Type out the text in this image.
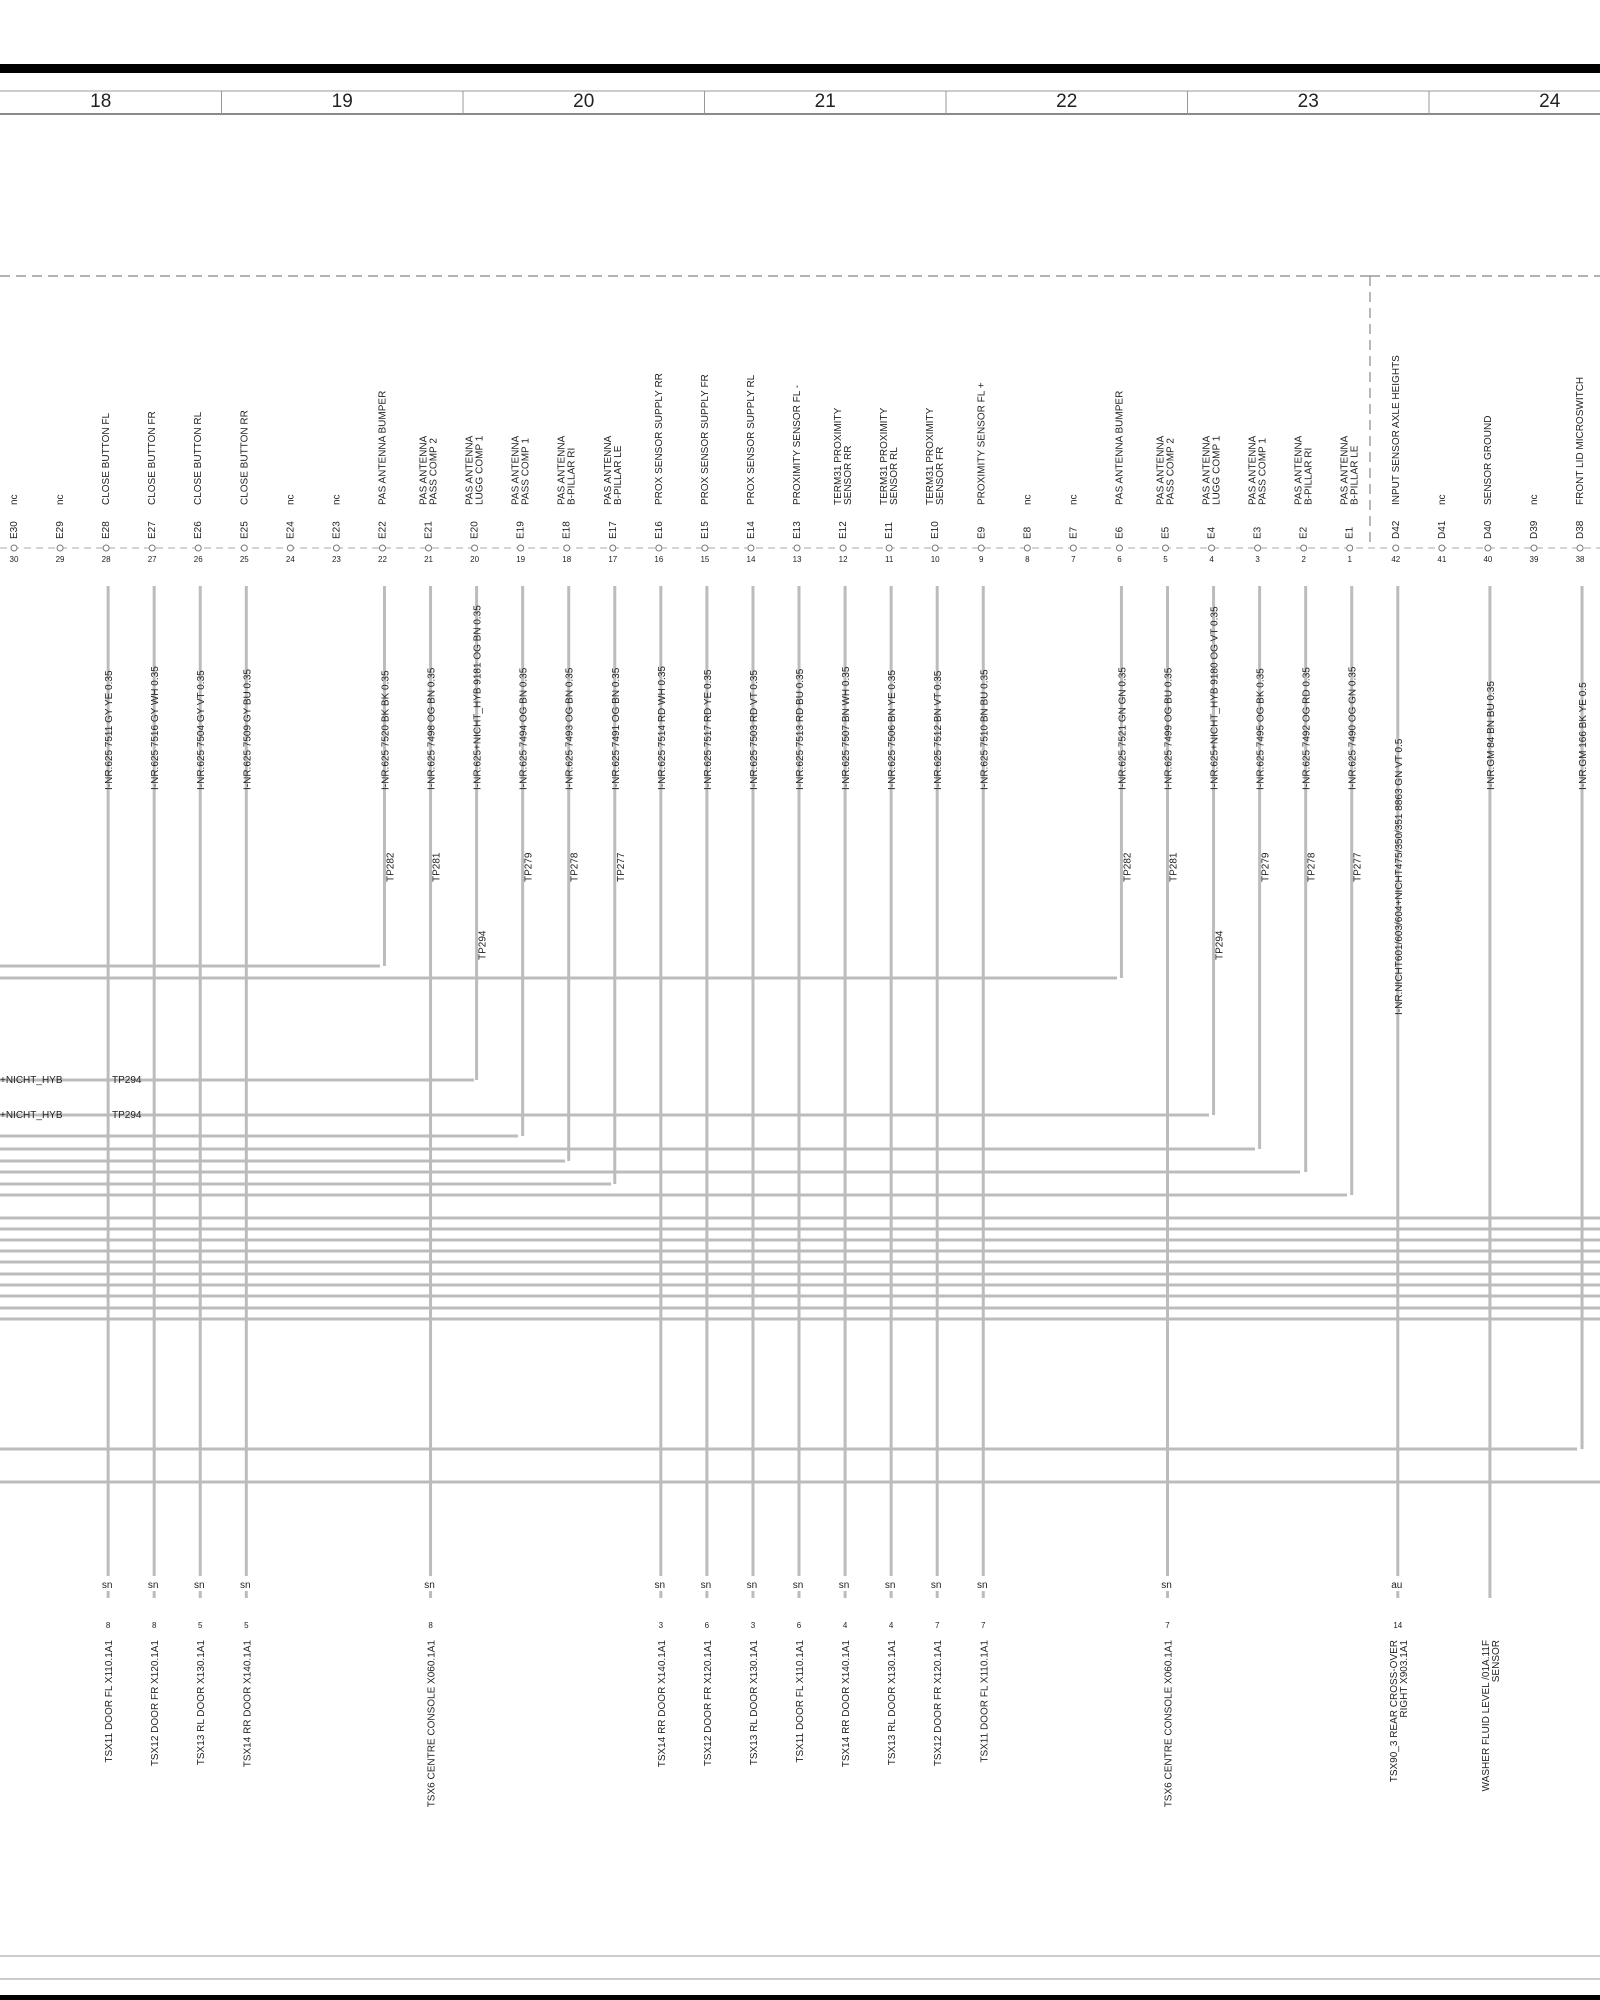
18	19	20	21	22	23	24
nc
E30
30
nc
E29
29
CLOSE BUTTON FL
E28
28
I-NR.625 7511 GY YE 0.35
sn
8
TSX11 DOOR FL X110.1A1
CLOSE BUTTON FR
E27
27
I-NR.625 7516 GY WH 0.35
sn
8
TSX12 DOOR FR X120.1A1
CLOSE BUTTON RL
E26
26
I-NR.625 7504 GY VT 0.35
sn
5
TSX13 RL DOOR X130.1A1
CLOSE BUTTON RR
E25
25
I-NR.625 7509 GY BU 0.35
sn
5
TSX14 RR DOOR X140.1A1
nc
E24
24
nc
E23
23
PAS ANTENNA BUMPER
E22
22
I-NR.625 7520 BK BK 0.35
TP282
PAS ANTENNA PASS COMP 2
E21
21
I-NR.625 7498 OG BN 0.35
TP281
sn
8
TSX6 CENTRE CONSOLE X060.1A1
PAS ANTENNA LUGG COMP 1
E20
20
I-NR.625+NICHT_HYB 9181 OG BN 0.35
TP294
PAS ANTENNA PASS COMP 1
E19
19
I-NR.625 7494 OG BN 0.35
TP279
PAS ANTENNA B-PILLAR RI
E18
18
I-NR.625 7493 OG BN 0.35
TP278
PAS ANTENNA B-PILLAR LE
E17
17
I-NR.625 7491 OG BN 0.35
TP277
PROX SENSOR SUPPLY RR
E16
16
I-NR.625 7514 RD WH 0.35
sn
3
TSX14 RR DOOR X140.1A1
PROX SENSOR SUPPLY FR
E15
15
I-NR.625 7517 RD YE 0.35
sn
6
TSX12 DOOR FR X120.1A1
PROX SENSOR SUPPLY RL
E14
14
I-NR.625 7503 RD VT 0.35
sn
3
TSX13 RL DOOR X130.1A1
PROXIMITY SENSOR FL -
E13
13
I-NR.625 7513 RD BU 0.35
sn
6
TSX11 DOOR FL X110.1A1
TERM31 PROXIMITY SENSOR RR
E12
12
I-NR.625 7507 BN WH 0.35
sn
4
TSX14 RR DOOR X140.1A1
TERM31 PROXIMITY SENSOR RL
E11
11
I-NR.625 7506 BN YE 0.35
sn
4
TSX13 RL DOOR X130.1A1
TERM31 PROXIMITY SENSOR FR
E10
10
I-NR.625 7512 BN VT 0.35
sn
7
TSX12 DOOR FR X120.1A1
PROXIMITY SENSOR FL +
E9
9
I-NR.625 7510 BN BU 0.35
sn
7
TSX11 DOOR FL X110.1A1
nc
E8
8
nc
E7
7
PAS ANTENNA BUMPER
E6
6
I-NR.625 7521 GN GN 0.35
TP282
PAS ANTENNA PASS COMP 2
E5
5
I-NR.625 7499 OG BU 0.35
TP281
sn
7
TSX6 CENTRE CONSOLE X060.1A1
PAS ANTENNA LUGG COMP 1
E4
4
I-NR.625+NICHT_HYB 9180 OG VT 0.35
TP294
PAS ANTENNA PASS COMP 1
E3
3
I-NR.625 7495 OG BK 0.35
TP279
PAS ANTENNA B-PILLAR RI
E2
2
I-NR.625 7492 OG RD 0.35
TP278
PAS ANTENNA B-PILLAR LE
E1
1
I-NR.625 7490 OG GN 0.35
TP277
INPUT SENSOR AXLE HEIGHTS
D42
42
I-NR.NICHT601/603/604+NICHT475/350/351 8863 GN VT 0.5
au
14
TSX90_3 REAR CROSS-OVER RIGHT X903.1A1
nc
D41
41
SENSOR GROUND
D40
40
I-NR.GM 84 BN BU 0.35
WASHER FLUID LEVEL /01A.11F SENSOR
nc
D39
39
FRONT LID MICROSWITCH
D38
38
I-NR.GM 166 BK YE 0.5
+NICHT_HYB	TP294
+NICHT_HYB	TP294
